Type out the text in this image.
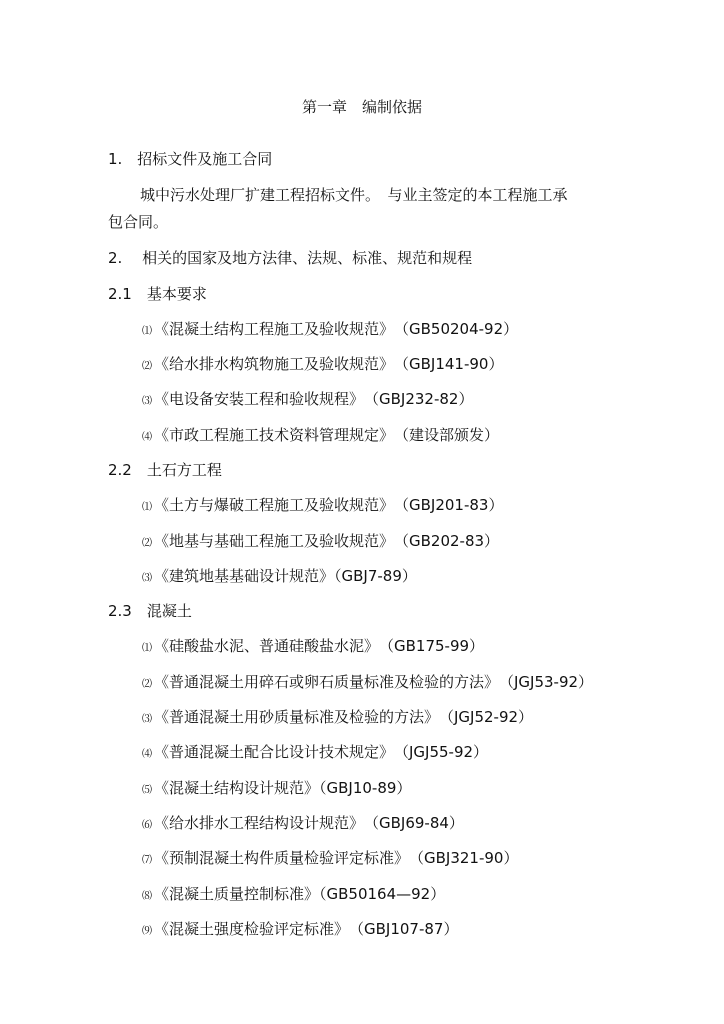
第一章　编制依据
1.　招标文件及施工合同
城中污水处理厂扩建工程招标文件。　与业主签定的本工程施工承
包合同。
2.　 相关的国家及地方法律、法规、标准、规范和规程
2.1　基本要求
⑴ 《混凝土结构工程施工及验收规范》　（GB50204-92）
⑵ 《给水排水构筑物施工及验收规范》　（GBJ141-90）
⑶ 《电设备安装工程和验收规程》　（GBJ232-82）
⑷ 《市政工程施工技术资料管理规定》　（建设部颁发）
2.2　土石方工程
⑴ 《土方与爆破工程施工及验收规范》　（GBJ201-83）
⑵ 《地基与基础工程施工及验收规范》　（GB202-83）
⑶ 《建筑地基基础设计规范》（GBJ7-89）
2.3　混凝土
⑴ 《硅酸盐水泥、普通硅酸盐水泥》　（GB175-99）
⑵ 《普通混凝土用碎石或卵石质量标准及检验的方法》　（JGJ53-92）
⑶ 《普通混凝土用砂质量标准及检验的方法》　（JGJ52-92）
⑷ 《普通混凝土配合比设计技术规定》　（JGJ55-92）
⑸ 《混凝土结构设计规范》（GBJ10-89）
⑹ 《给水排水工程结构设计规范》　（GBJ69-84）
⑺ 《预制混凝土构件质量检验评定标准》　（GBJ321-90）
⑻ 《混凝土质量控制标准》（GB50164—92）
⑼ 《混凝土强度检验评定标准》　（GBJ107-87）
